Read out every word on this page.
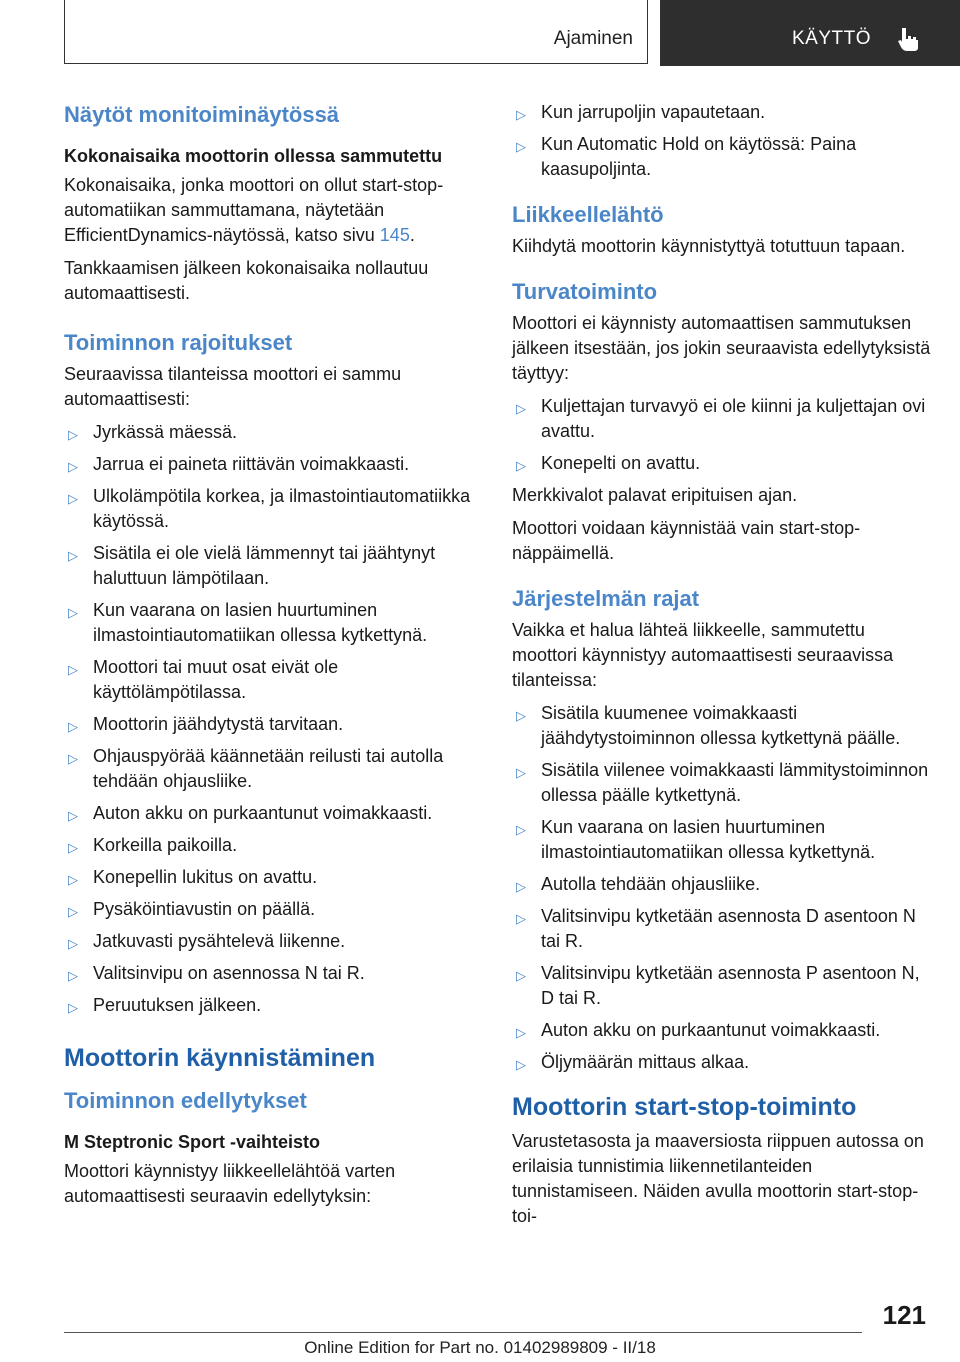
Ajaminen	KÄYTTÖ
Näytöt monitoiminäytössä
Kokonaisaika moottorin ollessa sammutettu

Kokonaisaika, jonka moottori on ollut start-stop-automatiikan sammuttamana, näytetään EfficientDynamics-näytössä, katso sivu 145.

Tankkaamisen jälkeen kokonaisaika nollautuu automaattisesti.

Toiminnon rajoitukset

Seuraavissa tilanteissa moottori ei sammu automaattisesti:

▷ Jyrkässä mäessä.
▷ Jarrua ei paineta riittävän voimakkaasti.
▷ Ulkolämpötila korkea, ja ilmastointiautomatiikka käytössä.
▷ Sisätila ei ole vielä lämmennyt tai jäähtynyt haluttuun lämpötilaan.
▷ Kun vaarana on lasien huurtuminen ilmastointiautomatiikan ollessa kytkettynä.
▷ Moottori tai muut osat eivät ole käyttölämpötilassa.
▷ Moottorin jäähdytystä tarvitaan.
▷ Ohjauspyörää käännetään reilusti tai autolla tehdään ohjausliike.
▷ Auton akku on purkaantunut voimakkaasti.
▷ Korkeilla paikoilla.
▷ Konepellin lukitus on avattu.
▷ Pysäköintiavustin on päällä.
▷ Jatkuvasti pysähtelevä liikenne.
▷ Valitsinvipu on asennossa N tai R.
▷ Peruutuksen jälkeen.
Moottorin käynnistäminen
Toiminnon edellytykset
M Steptronic Sport -vaihteisto

Moottori käynnistyy liikkeellelähtöä varten automaattisesti seuraavin edellytyksin:

▷ Kun jarrupoljin vapautetaan.
▷ Kun Automatic Hold on käytössä: Paina kaasupoljinta.
Liikkeellelähtö

Kiihdytä moottorin käynnistyttyä totuttuun tapaan.

Turvatoiminto

Moottori ei käynnisty automaattisen sammutuksen jälkeen itsestään, jos jokin seuraavista edellytyksistä täyttyy:

▷ Kuljettajan turvavyö ei ole kiinni ja kuljettajan ovi avattu.
▷ Konepelti on avattu.

Merkkivalot palavat eripituisen ajan.

Moottori voidaan käynnistää vain start-stop-näppäimellä.

Järjestelmän rajat

Vaikka et halua lähteä liikkeelle, sammutettu moottori käynnistyy automaattisesti seuraavissa tilanteissa:

▷ Sisätila kuumenee voimakkaasti jäähdytystoiminnon ollessa kytkettynä päälle.
▷ Sisätila viilenee voimakkaasti lämmitystoiminnon ollessa päälle kytkettynä.
▷ Kun vaarana on lasien huurtuminen ilmastointiautomatiikan ollessa kytkettynä.
▷ Autolla tehdään ohjausliike.
▷ Valitsinvipu kytketään asennosta D asentoon N tai R.
▷ Valitsinvipu kytketään asennosta P asentoon N, D tai R.
▷ Auton akku on purkaantunut voimakkaasti.
▷ Öljymäärän mittaus alkaa.
Moottorin start-stop-toiminto

Varustetasosta ja maaversiosta riippuen autossa on erilaisia tunnistimia liikennetilanteiden tunnistamiseen. Näiden avulla moottorin start-stop-toi-

121
Online Edition for Part no. 01402989809 - II/18
